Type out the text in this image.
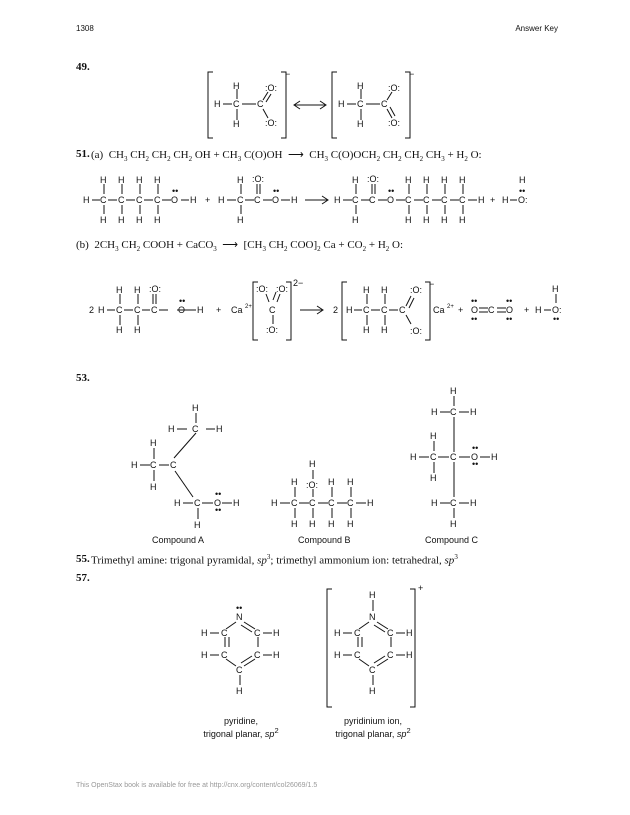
1308	Answer Key
49.
H
H
C
H
C
:O:
:O:
−
H
H
C
H
C
:O:
:O:
−
51. (a)  $CH_3$ $CH_2$ $CH_2$ $CH_2$ OH + $CH_3$ C(O)OH  ⟶  $CH_3$ $C(O)OCH_2$ $CH_2$ $CH_2$ $CH_3 + H_2$ O:
H C C C C
H H H H
H H H H
O
••
H + H C
H
H
C
:O:
O
••
H	H C
H
H
C
:O:
O
••
C C C C
H H H H
H H H H
H + H O:
••
H
(b)  $2CH_3$ $CH_2$ COOH + CaCO$_3$  ⟶  [$CH_3$ $CH_2$ $COO]_2$ $Ca + CO_2 + H_2$ O:
2 H C C C
H H
H H
:O:
O
••
H + Ca 2+
:O: :O:
C
:O:
2−
2 H C C C
H H
H H
:O:
:O:
−
Ca 2+ + O C O
••
••
••
••
+ H O:
••
H
53.
H
H C H
H
H C C
H
H C O
••
••
H
H
H C C C C H
H	H H
H H H H
:O:
H
H
H C H
H
H C C O
••
••
H
H
H C H
H
Compound A	Compound B	Compound C
55. Trimethyl amine: trigonal pyramidal, $sp^3$; trimethyl ammonium ion: tetrahedral, $sp^3$
57.
••
N
H C	C H
H C	C H
C
H
H
N
H C	C H
H C	C H
C
H
+
pyridine,
trigonal planar, $sp^2$
pyridinium ion,
trigonal planar, $sp^2$
This OpenStax book is available for free at http://cnx.org/content/col26069/1.5
